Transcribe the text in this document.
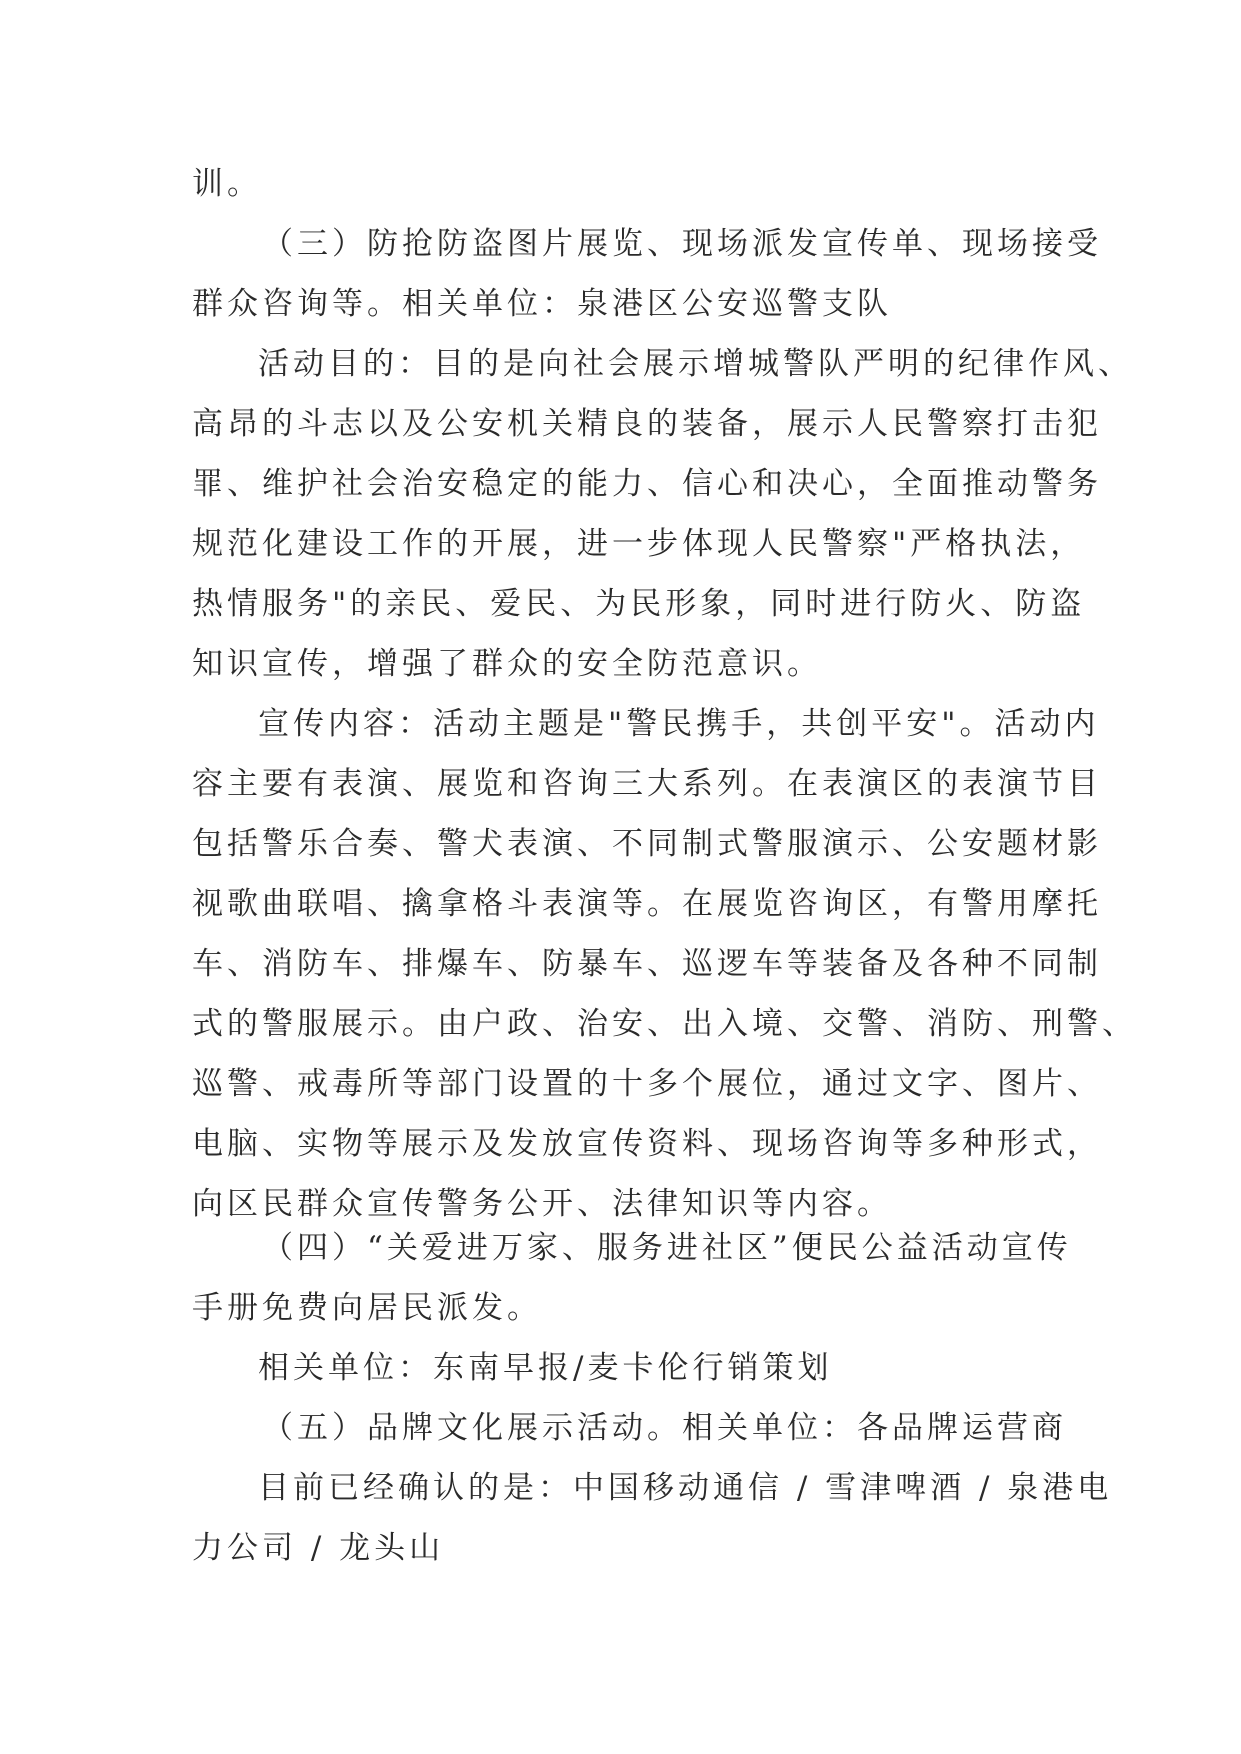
训。
（三）防抢防盗图片展览、现场派发宣传单、现场接受
群众咨询等。相关单位：泉港区公安巡警支队
活动目的：目的是向社会展示增城警队严明的纪律作风、
高昂的斗志以及公安机关精良的装备，展示人民警察打击犯
罪、维护社会治安稳定的能力、信心和决心，全面推动警务
规范化建设工作的开展，进一步体现人民警察"严格执法，
热情服务"的亲民、爱民、为民形象，同时进行防火、防盗
知识宣传，增强了群众的安全防范意识。
宣传内容：活动主题是"警民携手，共创平安"。活动内
容主要有表演、展览和咨询三大系列。在表演区的表演节目
包括警乐合奏、警犬表演、不同制式警服演示、公安题材影
视歌曲联唱、擒拿格斗表演等。在展览咨询区，有警用摩托
车、消防车、排爆车、防暴车、巡逻车等装备及各种不同制
式的警服展示。由户政、治安、出入境、交警、消防、刑警、
巡警、戒毒所等部门设置的十多个展位，通过文字、图片、
电脑、实物等展示及发放宣传资料、现场咨询等多种形式，
向区民群众宣传警务公开、法律知识等内容。
（四）“关爱进万家、服务进社区”便民公益活动宣传
手册免费向居民派发。
相关单位：东南早报/麦卡伦行销策划
（五）品牌文化展示活动。相关单位：各品牌运营商
目前已经确认的是：中国移动通信 / 雪津啤酒 / 泉港电
力公司 / 龙头山
